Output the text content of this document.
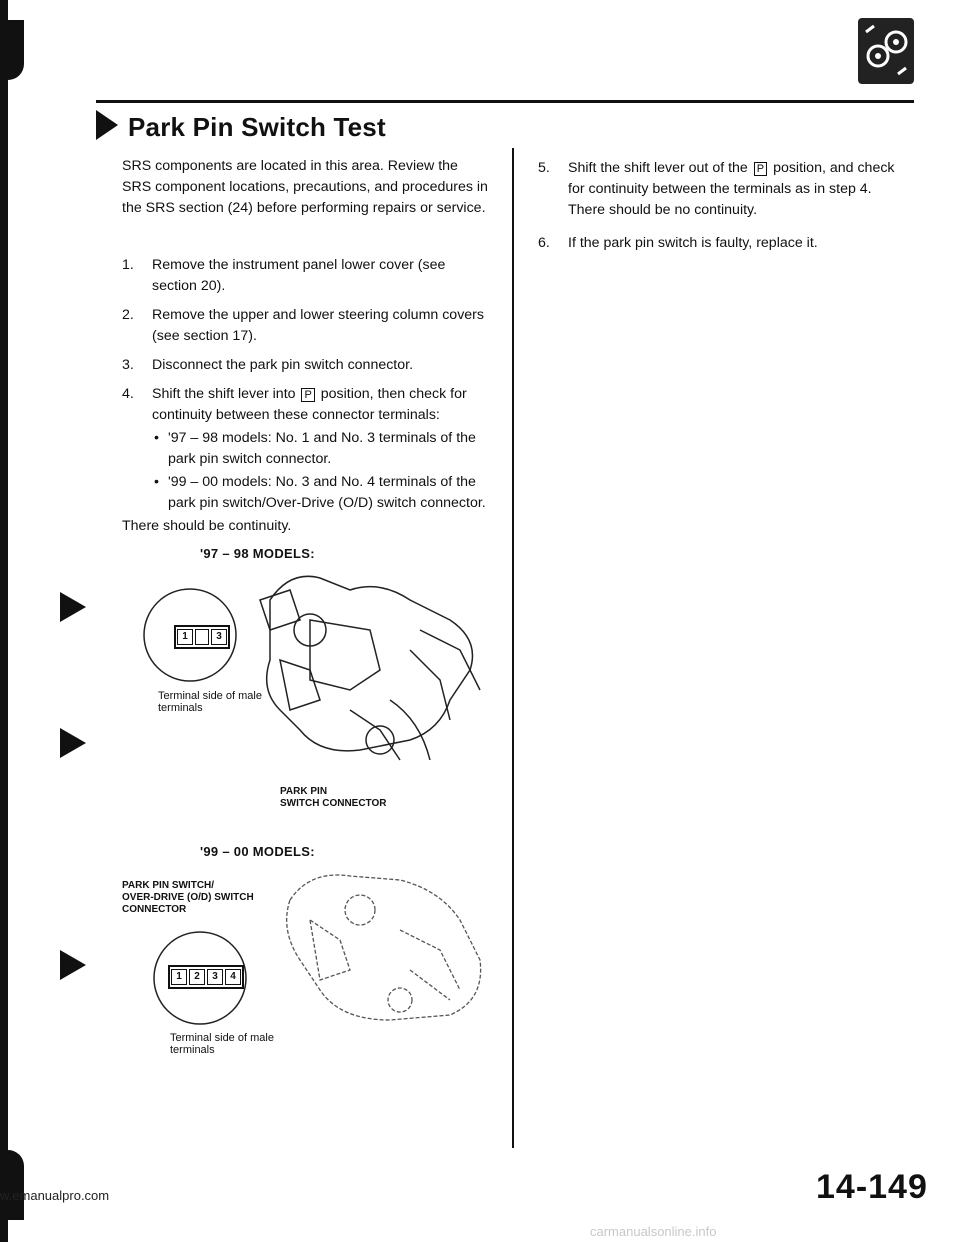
Park Pin Switch Test

SRS components are located in this area. Review the SRS component locations, precautions, and procedures in the SRS section (24) before performing repairs or service.

1. Remove the instrument panel lower cover (see section 20).
2. Remove the upper and lower steering column covers (see section 17).
3. Disconnect the park pin switch connector.
4. Shift the shift lever into P position, then check for continuity between these connector terminals:
• '97 – 98 models: No. 1 and No. 3 terminals of the park pin switch connector.
• '99 – 00 models: No. 3 and No. 4 terminals of the park pin switch/Over-Drive (O/D) switch connector.
There should be continuity.
'97 – 98 MODELS:
1	3
Terminal side of male terminals
PARK PIN
SWITCH CONNECTOR
'99 – 00 MODELS:
PARK PIN SWITCH/
OVER-DRIVE (O/D) SWITCH
CONNECTOR
1	2	3	4
Terminal side of male terminals
5. Shift the shift lever out of the P position, and check for continuity between the terminals as in step 4. There should be no continuity.
6. If the park pin switch is faulty, replace it.
14-149
w.emanualpro.com
carmanualsonline.info
